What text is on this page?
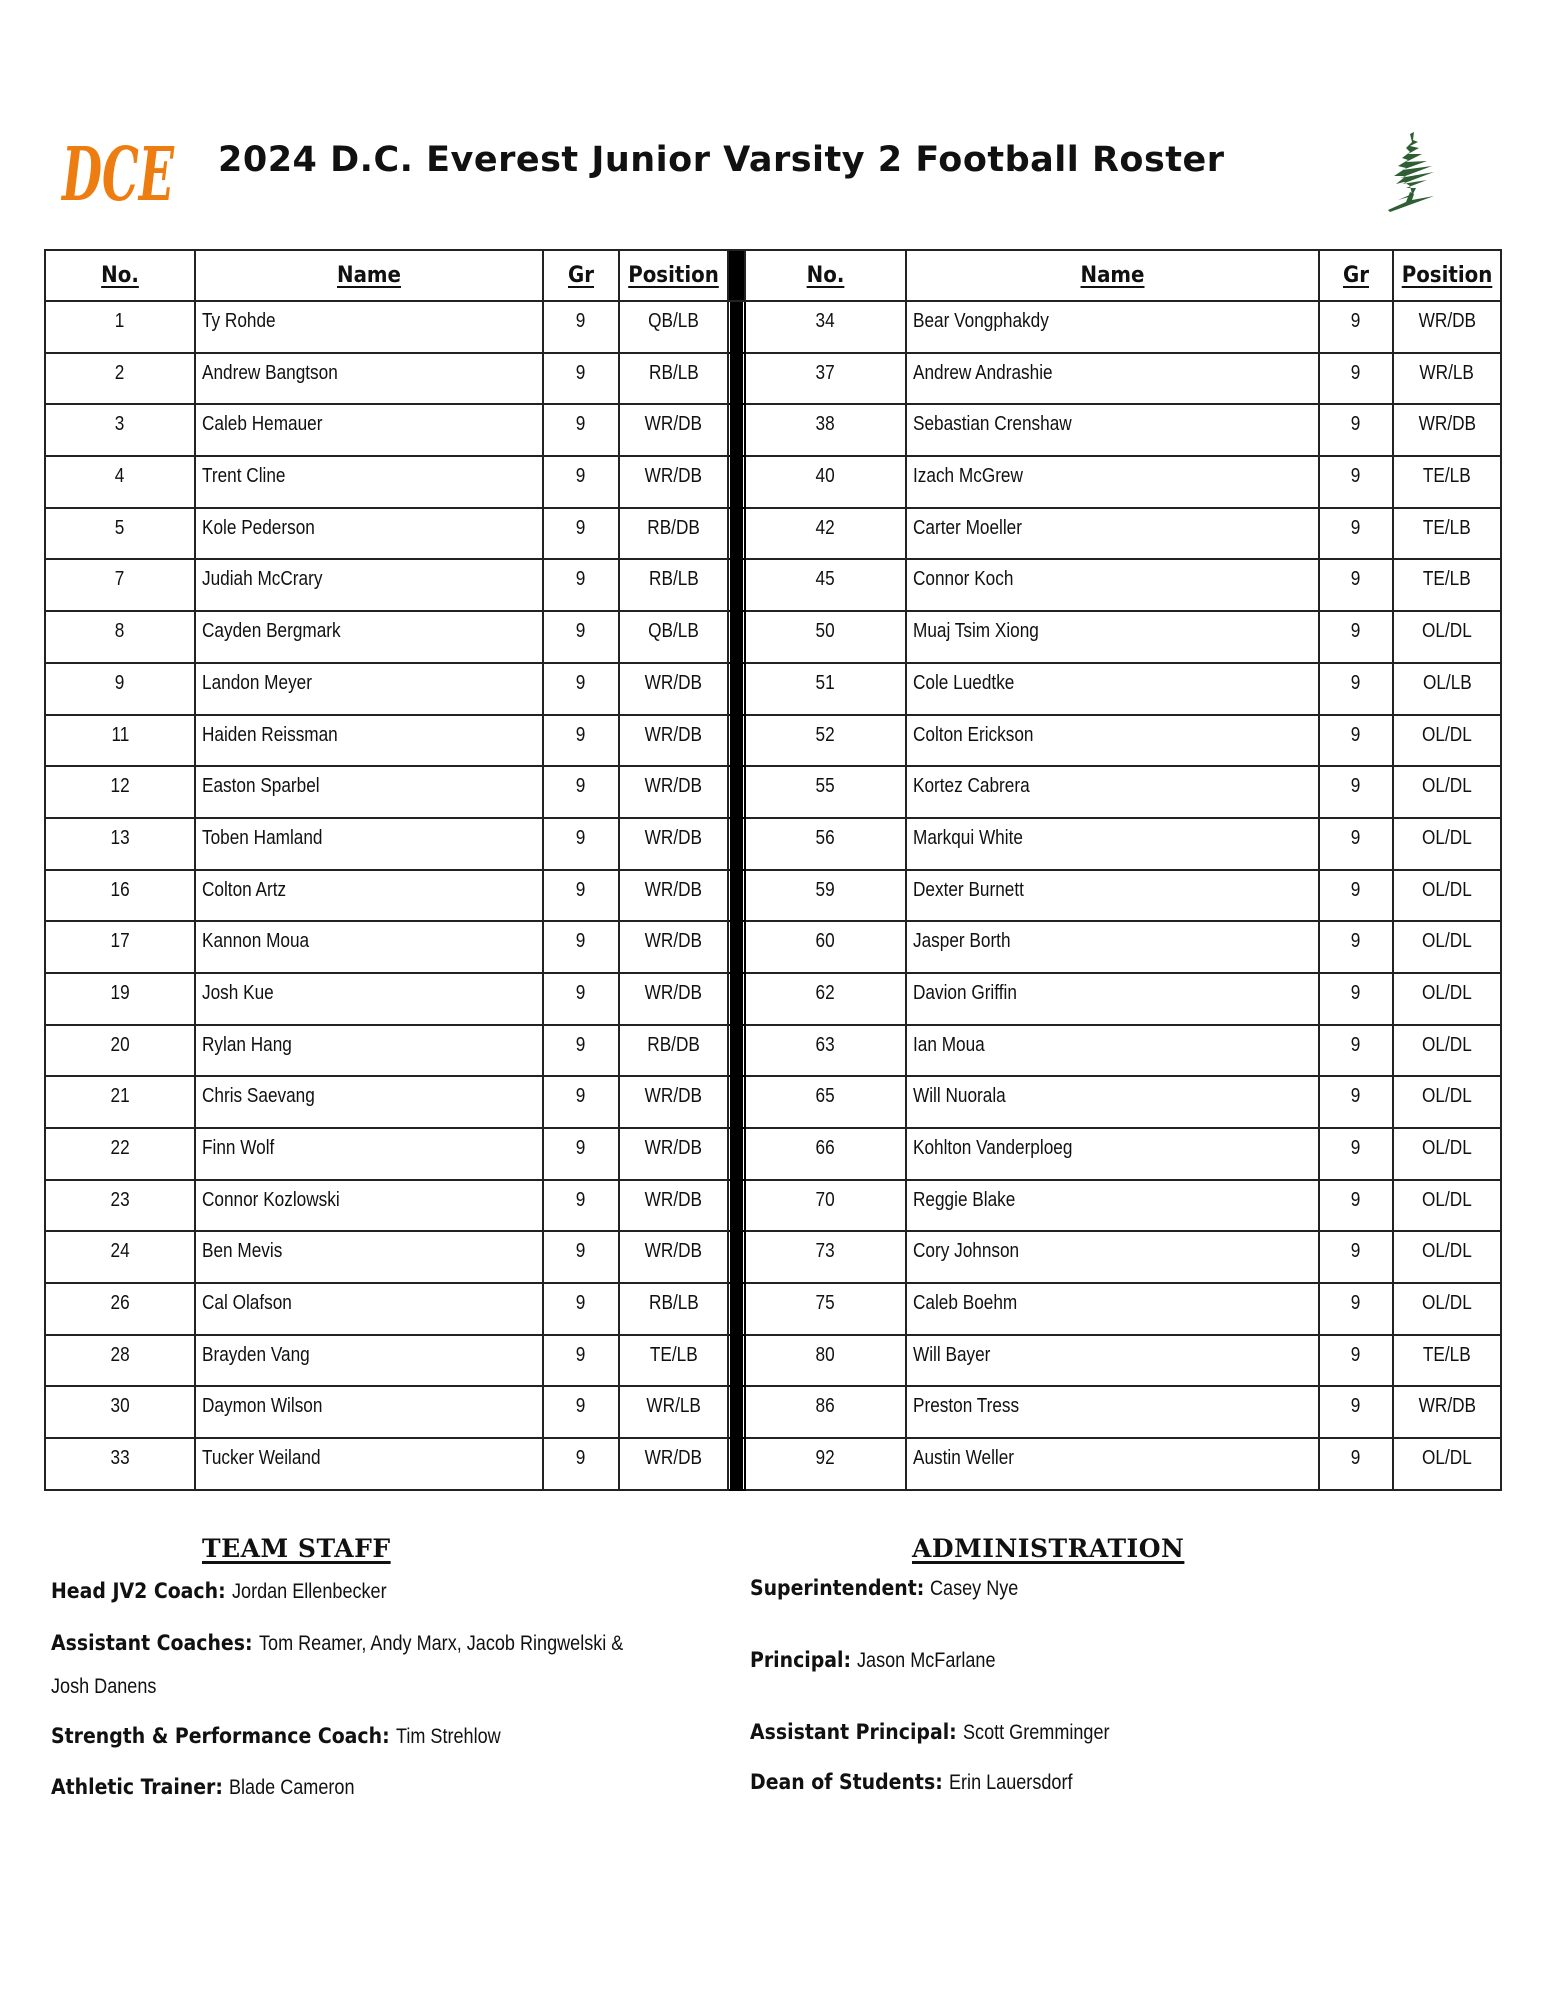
DCE 2024 D.C. Everest Junior Varsity 2 Football Roster
No.	Name	Gr	Position		No.	Name	Gr	Position
1	Ty Rohde	9	QB/LB		34	Bear Vongphakdy	9	WR/DB
2	Andrew Bangtson	9	RB/LB		37	Andrew Andrashie	9	WR/LB
3	Caleb Hemauer	9	WR/DB		38	Sebastian Crenshaw	9	WR/DB
4	Trent Cline	9	WR/DB		40	Izach McGrew	9	TE/LB
5	Kole Pederson	9	RB/DB		42	Carter Moeller	9	TE/LB
7	Judiah McCrary	9	RB/LB		45	Connor Koch	9	TE/LB
8	Cayden Bergmark	9	QB/LB		50	Muaj Tsim Xiong	9	OL/DL
9	Landon Meyer	9	WR/DB		51	Cole Luedtke	9	OL/LB
11	Haiden Reissman	9	WR/DB		52	Colton Erickson	9	OL/DL
12	Easton Sparbel	9	WR/DB		55	Kortez Cabrera	9	OL/DL
13	Toben Hamland	9	WR/DB		56	Markqui White	9	OL/DL
16	Colton Artz	9	WR/DB		59	Dexter Burnett	9	OL/DL
17	Kannon Moua	9	WR/DB		60	Jasper Borth	9	OL/DL
19	Josh Kue	9	WR/DB		62	Davion Griffin	9	OL/DL
20	Rylan Hang	9	RB/DB		63	Ian Moua	9	OL/DL
21	Chris Saevang	9	WR/DB		65	Will Nuorala	9	OL/DL
22	Finn Wolf	9	WR/DB		66	Kohlton Vanderploeg	9	OL/DL
23	Connor Kozlowski	9	WR/DB		70	Reggie Blake	9	OL/DL
24	Ben Mevis	9	WR/DB		73	Cory Johnson	9	OL/DL
26	Cal Olafson	9	RB/LB		75	Caleb Boehm	9	OL/DL
28	Brayden Vang	9	TE/LB		80	Will Bayer	9	TE/LB
30	Daymon Wilson	9	WR/LB		86	Preston Tress	9	WR/DB
33	Tucker Weiland	9	WR/DB		92	Austin Weller	9	OL/DL
TEAM STAFF
Head JV2 Coach: Jordan Ellenbecker
Assistant Coaches: Tom Reamer, Andy Marx, Jacob Ringwelski &
Josh Danens
Strength & Performance Coach: Tim Strehlow
Athletic Trainer: Blade Cameron
ADMINISTRATION
Superintendent: Casey Nye
Principal: Jason McFarlane
Assistant Principal: Scott Gremminger
Dean of Students: Erin Lauersdorf
